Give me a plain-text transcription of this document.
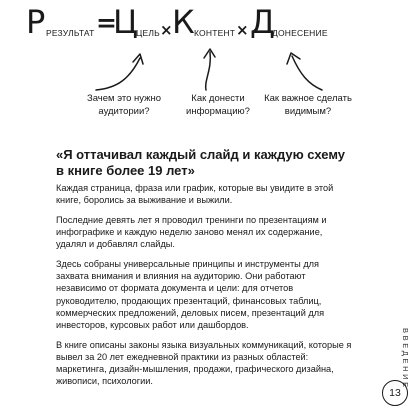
Р РЕЗУЛЬТАТ =
Ц ЦЕЛЬ × К КОНТЕНТ × Д
ДОНЕСЕНИЕ
Зачем это нужно аудитории?
Как донести информацию?
Как важное сделать видимым?
«Я оттачивал каждый слайд и каждую схему в книге более 19 лет»

Каждая страница, фраза или график, которые вы увидите в этой книге, боролись за выживание и выжили.

Последние девять лет я проводил тренинги по презентациям и инфографике и каждую неделю заново менял их содержание, удалял и добавлял слайды.

Здесь собраны универсальные принципы и инструменты для захвата внимания и влияния на аудиторию. Они работают независимо от формата документа и цели: для отчетов руководителю, продающих презентаций, финансовых таблиц, коммерческих предложений, деловых писем, презентаций для инвесторов, курсовых работ или дашбордов.

В книге описаны законы языка визуальных коммуникаций, которые я вывел за 20 лет ежедневной практики из разных областей: маркетинга, дизайн-мышления, продажи, графического дизайна, живописи, психологии.	ВВЕДЕНИЕ
13
